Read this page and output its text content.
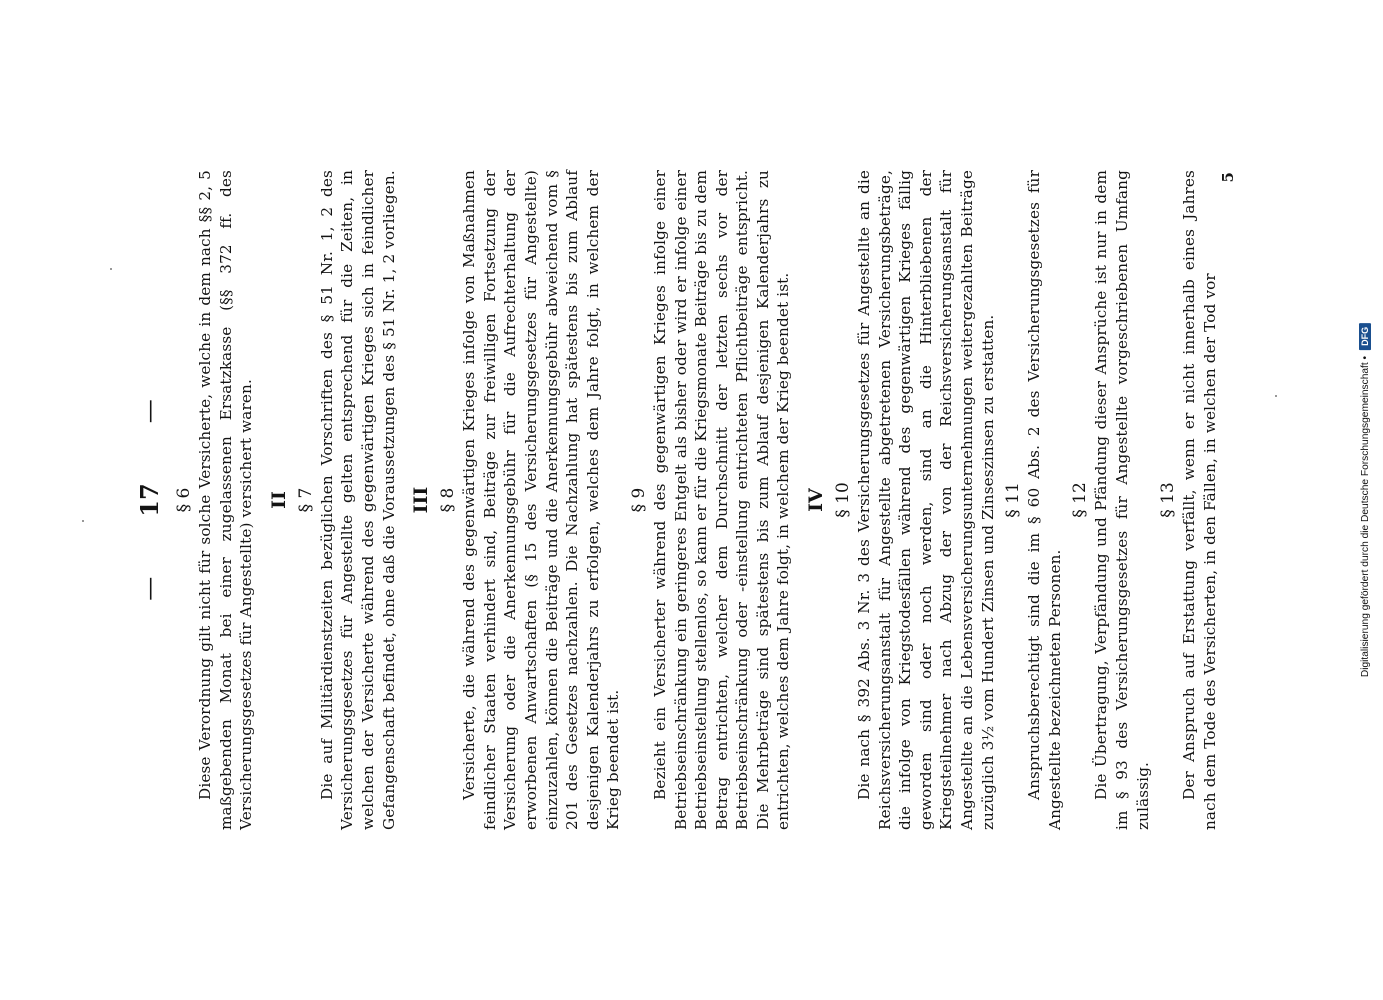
—
17
—
§ 6 Diese Verordnung gilt nicht für solche Versicherte, welche in dem nach §§ 2, 5 maßgebenden Monat bei einer zugelassenen Ersatzkasse (§§ 372 ff. des Versicherungsgesetzes für Angestellte) versichert waren. II § 7 Die auf Militärdienstzeiten bezüglichen Vorschriften des § 51 Nr. 1, 2 des Versicherungsgesetzes für Angestellte gelten entsprechend für die Zeiten, in welchen der Versicherte während des gegenwärtigen Krieges sich in feindlicher Gefangenschaft befindet, ohne daß die Voraussetzungen des § 51 Nr. 1, 2 vorliegen. III § 8 Versicherte, die während des gegenwärtigen Krieges infolge von Maßnahmen feindlicher Staaten verhindert sind, Beiträge zur freiwilligen Fortsetzung der Versicherung oder die Anerkennungsgebühr für die Aufrechterhaltung der erworbenen Anwartschaften (§ 15 des Versicherungsgesetzes für Angestellte) einzuzahlen, können die Beiträge und die Anerkennungsgebühr abweichend vom § 201 des Gesetzes nachzahlen. Die Nachzahlung hat spätestens bis zum Ablauf desjenigen Kalenderjahrs zu erfolgen, welches dem Jahre folgt, in welchem der Krieg beendet ist.

§ 9 Bezieht ein Versicherter während des gegenwärtigen Krieges infolge einer Betriebseinschränkung ein geringeres Entgelt als bisher oder wird er infolge einer Betriebseinstellung stellenlos, so kann er für die Kriegsmonate Beiträge bis zu dem Betrag entrichten, welcher dem Durchschnitt der letzten sechs vor der Betriebseinschränkung oder -einstellung entrichteten Pflichtbeiträge entspricht. Die Mehrbeträge sind spätestens bis zum Ablauf desjenigen Kalenderjahrs zu entrichten, welches dem Jahre folgt, in welchem der Krieg beendet ist. IV § 10 Die nach § 392 Abs. 3 Nr. 3 des Versicherungsgesetzes für Angestellte an die Reichsversicherungsanstalt für Angestellte abgetretenen Versicherungsbeträge, die infolge von Kriegstodesfällen während des gegenwärtigen Krieges fällig geworden sind oder noch werden, sind an die Hinterbliebenen der Kriegsteilnehmer nach Abzug der von der Reichsversicherungsanstalt für Angestellte an die Lebensversicherungsunternehmungen weitergezahlten Beiträge zuzüglich 3½ vom Hundert Zinsen und Zinseszinsen zu erstatten. § 11 Anspruchsberechtigt sind die im § 60 Abs. 2 des Versicherungsgesetzes für Angestellte bezeichneten Personen.

§ 12 Die Übertragung, Verpfändung und Pfändung dieser Ansprüche ist nur in dem im § 93 des Versicherungsgesetzes für Angestellte vorgeschriebenen Umfang zulässig.

§ 13 Der Anspruch auf Erstattung verfällt, wenn er nicht innerhalb eines Jahres nach dem Tode des Versicherten, in den Fällen, in welchen der Tod vor

5
Digitalisierung gefördert durch die Deutsche Forschungsgemeinschaft •
DFG
